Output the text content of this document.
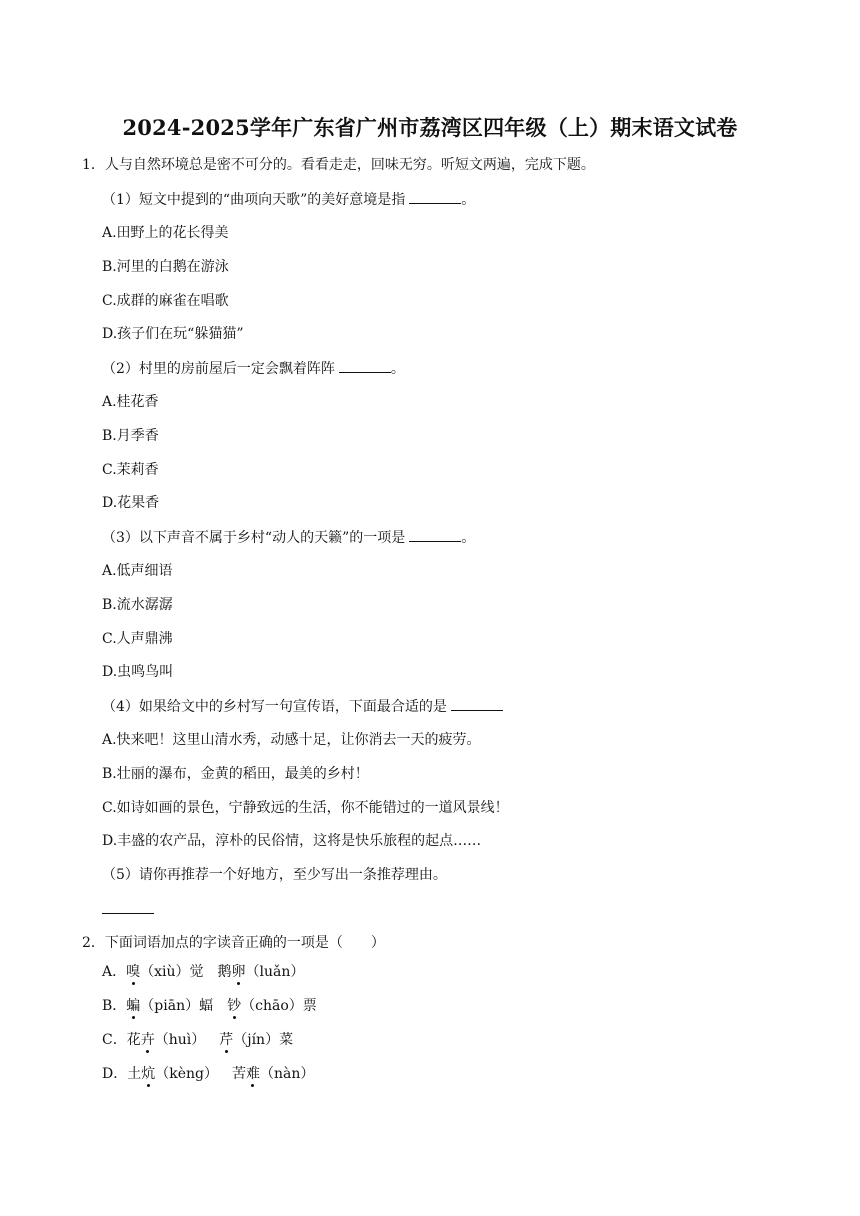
2024-2025学年广东省广州市荔湾区四年级（上）期末语文试卷
1．人与自然环境总是密不可分的。看看走走，回味无穷。听短文两遍，完成下题。
（1）短文中提到的“曲项向天歌”的美好意境是指	。
A.田野上的花长得美
B.河里的白鹅在游泳
C.成群的麻雀在唱歌
D.孩子们在玩“躲猫猫”
（2）村里的房前屋后一定会飘着阵阵	。
A.桂花香
B.月季香
C.茉莉香
D.花果香
（3）以下声音不属于乡村“动人的天籁”的一项是	。
A.低声细语
B.流水潺潺
C.人声鼎沸
D.虫鸣鸟叫
（4）如果给文中的乡村写一句宣传语，下面最合适的是
A.快来吧！这里山清水秀，动感十足，让你消去一天的疲劳。
B.壮丽的瀑布，金黄的稻田，最美的乡村！
C.如诗如画的景色，宁静致远的生活，你不能错过的一道风景线！
D.丰盛的农产品，淳朴的民俗情，这将是快乐旅程的起点……
（5）请你再推荐一个好地方，至少写出一条推荐理由。
2．下面词语加点的字读音正确的一项是（　　）
A．嗅（xiù）觉 鹅卵（luǎn）
B．蝙（piān）蝠 钞（chāo）票
C．花卉（huì） 芹（jín）菜
D．土炕（kèng） 苦难（nàn）
